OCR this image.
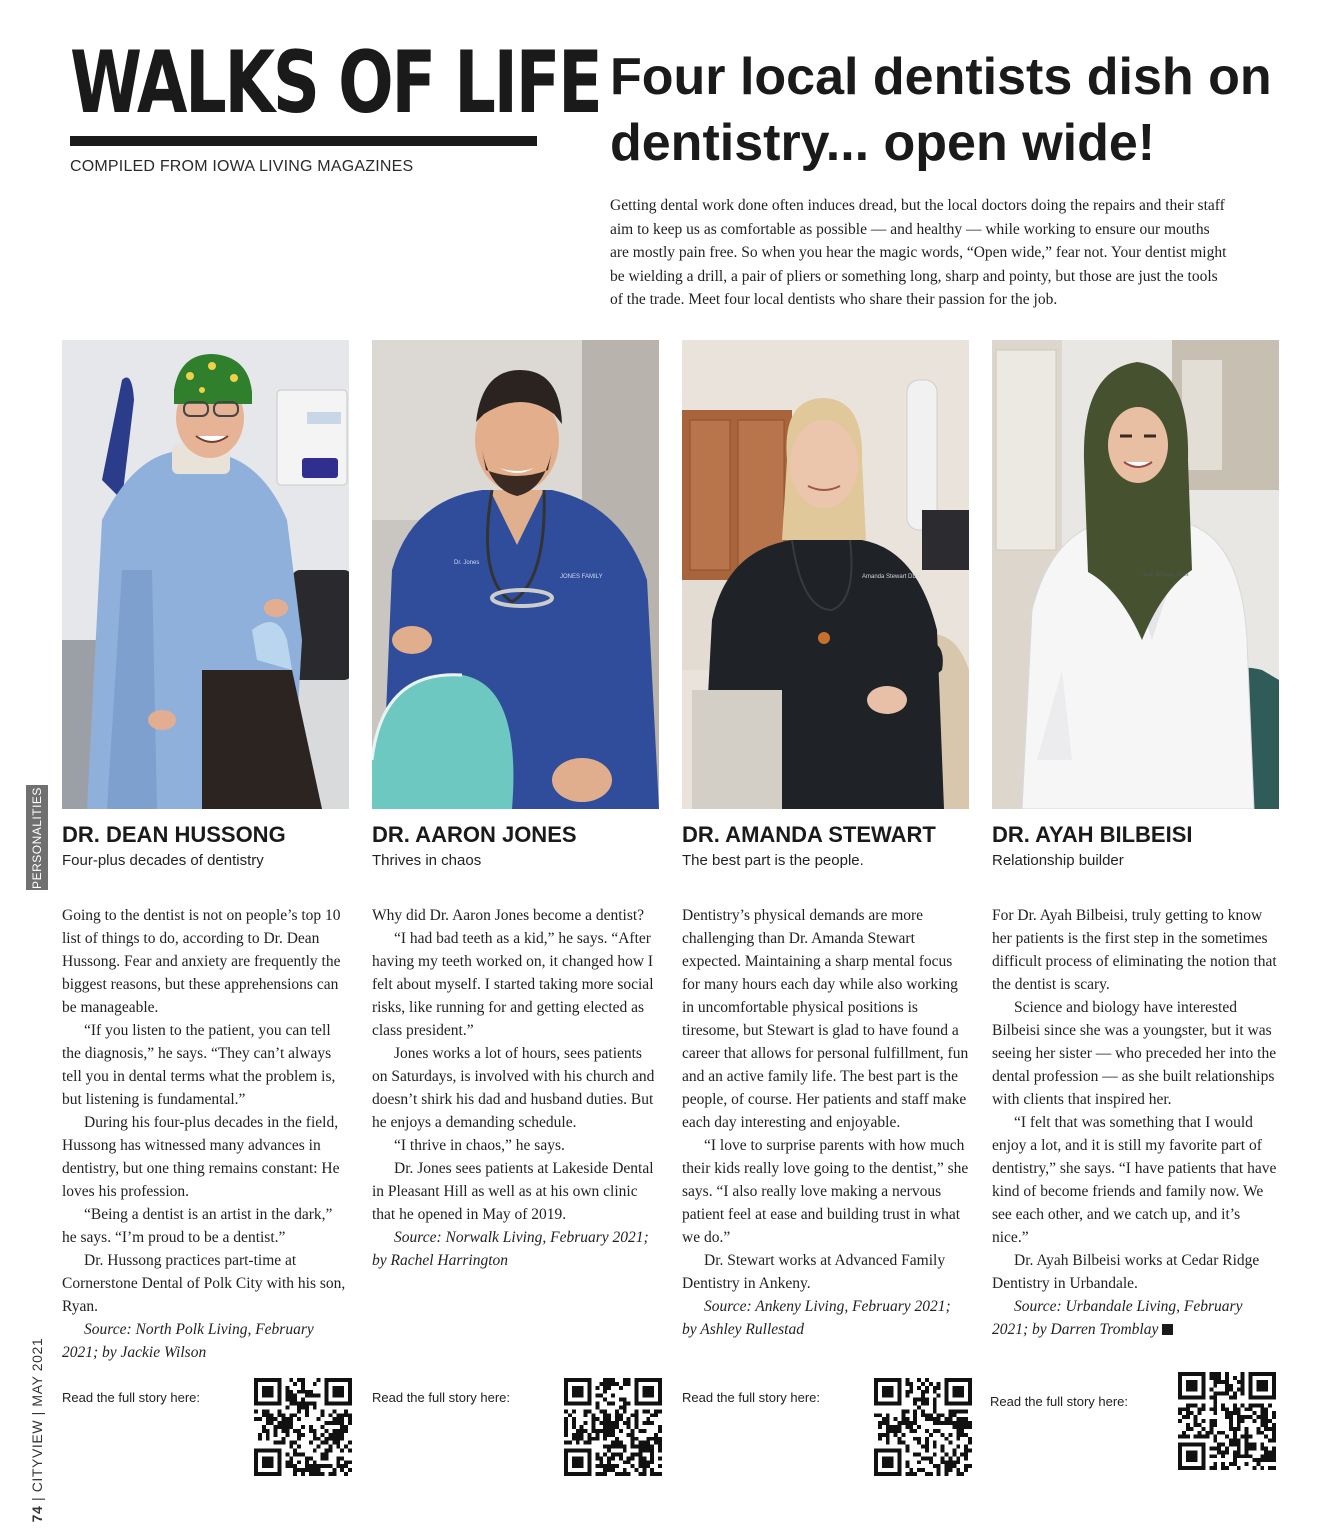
WALKS OF LIFE
COMPILED FROM IOWA LIVING MAGAZINES
Four local dentists dish on dentistry... open wide!

Getting dental work done often induces dread, but the local doctors doing the repairs and their staff aim to keep us as comfortable as possible — and healthy — while working to ensure our mouths are mostly pain free. So when you hear the magic words, “Open wide,” fear not. Your dentist might be wielding a drill, a pair of pliers or something long, sharp and pointy, but those are just the tools of the trade. Meet four local dentists who share their passion for the job.

PERSONALITIES
74 | CITYVIEW | MAY 2021
DR. DEAN HUSSONG
Four-plus decades of dentistry

Going to the dentist is not on people’s top 10 list of things to do, according to Dr. Dean Hussong. Fear and anxiety are frequently the biggest reasons, but these apprehensions can be manageable.

“If you listen to the patient, you can tell the diagnosis,” he says. “They can’t always tell you in dental terms what the problem is, but listening is fundamental.”

During his four-plus decades in the field, Hussong has witnessed many advances in dentistry, but one thing remains constant: He loves his profession.

“Being a dentist is an artist in the dark,” he says. “I’m proud to be a dentist.”

Dr. Hussong practices part-time at Cornerstone Dental of Polk City with his son, Ryan.

Source: North Polk Living, February 2021; by Jackie Wilson

Dr. Jones
JONES FAMILY
DR. AARON JONES
Thrives in chaos

Why did Dr. Aaron Jones become a dentist?

“I had bad teeth as a kid,” he says. “After having my teeth worked on, it changed how I felt about myself. I started taking more social risks, like running for and getting elected as class president.”

Jones works a lot of hours, sees patients on Saturdays, is involved with his church and doesn’t shirk his dad and husband duties. But he enjoys a demanding schedule.

“I thrive in chaos,” he says.

Dr. Jones sees patients at Lakeside Dental in Pleasant Hill as well as at his own clinic that he opened in May of 2019.

Source: Norwalk Living, February 2021; by Rachel Harrington

Amanda Stewart DDS
DR. AMANDA STEWART
The best part is the people.

Dentistry’s physical demands are more challenging than Dr. Amanda Stewart expected. Maintaining a sharp mental focus for many hours each day while also working in uncomfortable physical positions is tiresome, but Stewart is glad to have found a career that allows for personal fulfillment, fun and an active family life. The best part is the people, of course. Her patients and staff make each day interesting and enjoyable.

“I love to surprise parents with how much their kids really love going to the dentist,” she says. “I also really love making a nervous patient feel at ease and building trust in what we do.”

Dr. Stewart works at Advanced Family Dentistry in Ankeny.

Source: Ankeny Living, February 2021; by Ashley Rullestad

Ayah Bilbeisi, DDS
DR. AYAH BILBEISI
Relationship builder

For Dr. Ayah Bilbeisi, truly getting to know her patients is the first step in the sometimes difficult process of eliminating the notion that the dentist is scary.

Science and biology have interested Bilbeisi since she was a youngster, but it was seeing her sister — who preceded her into the dental profession — as she built relationships with clients that inspired her.

“I felt that was something that I would enjoy a lot, and it is still my favorite part of dentistry,” she says. “I have patients that have kind of become friends and family now. We see each other, and we catch up, and it’s nice.”

Dr. Ayah Bilbeisi works at Cedar Ridge Dentistry in Urbandale.

Source: Urbandale Living, February 2021; by Darren Tromblay

Read the full story here:	Read the full story here:	Read the full story here:	Read the full story here:
